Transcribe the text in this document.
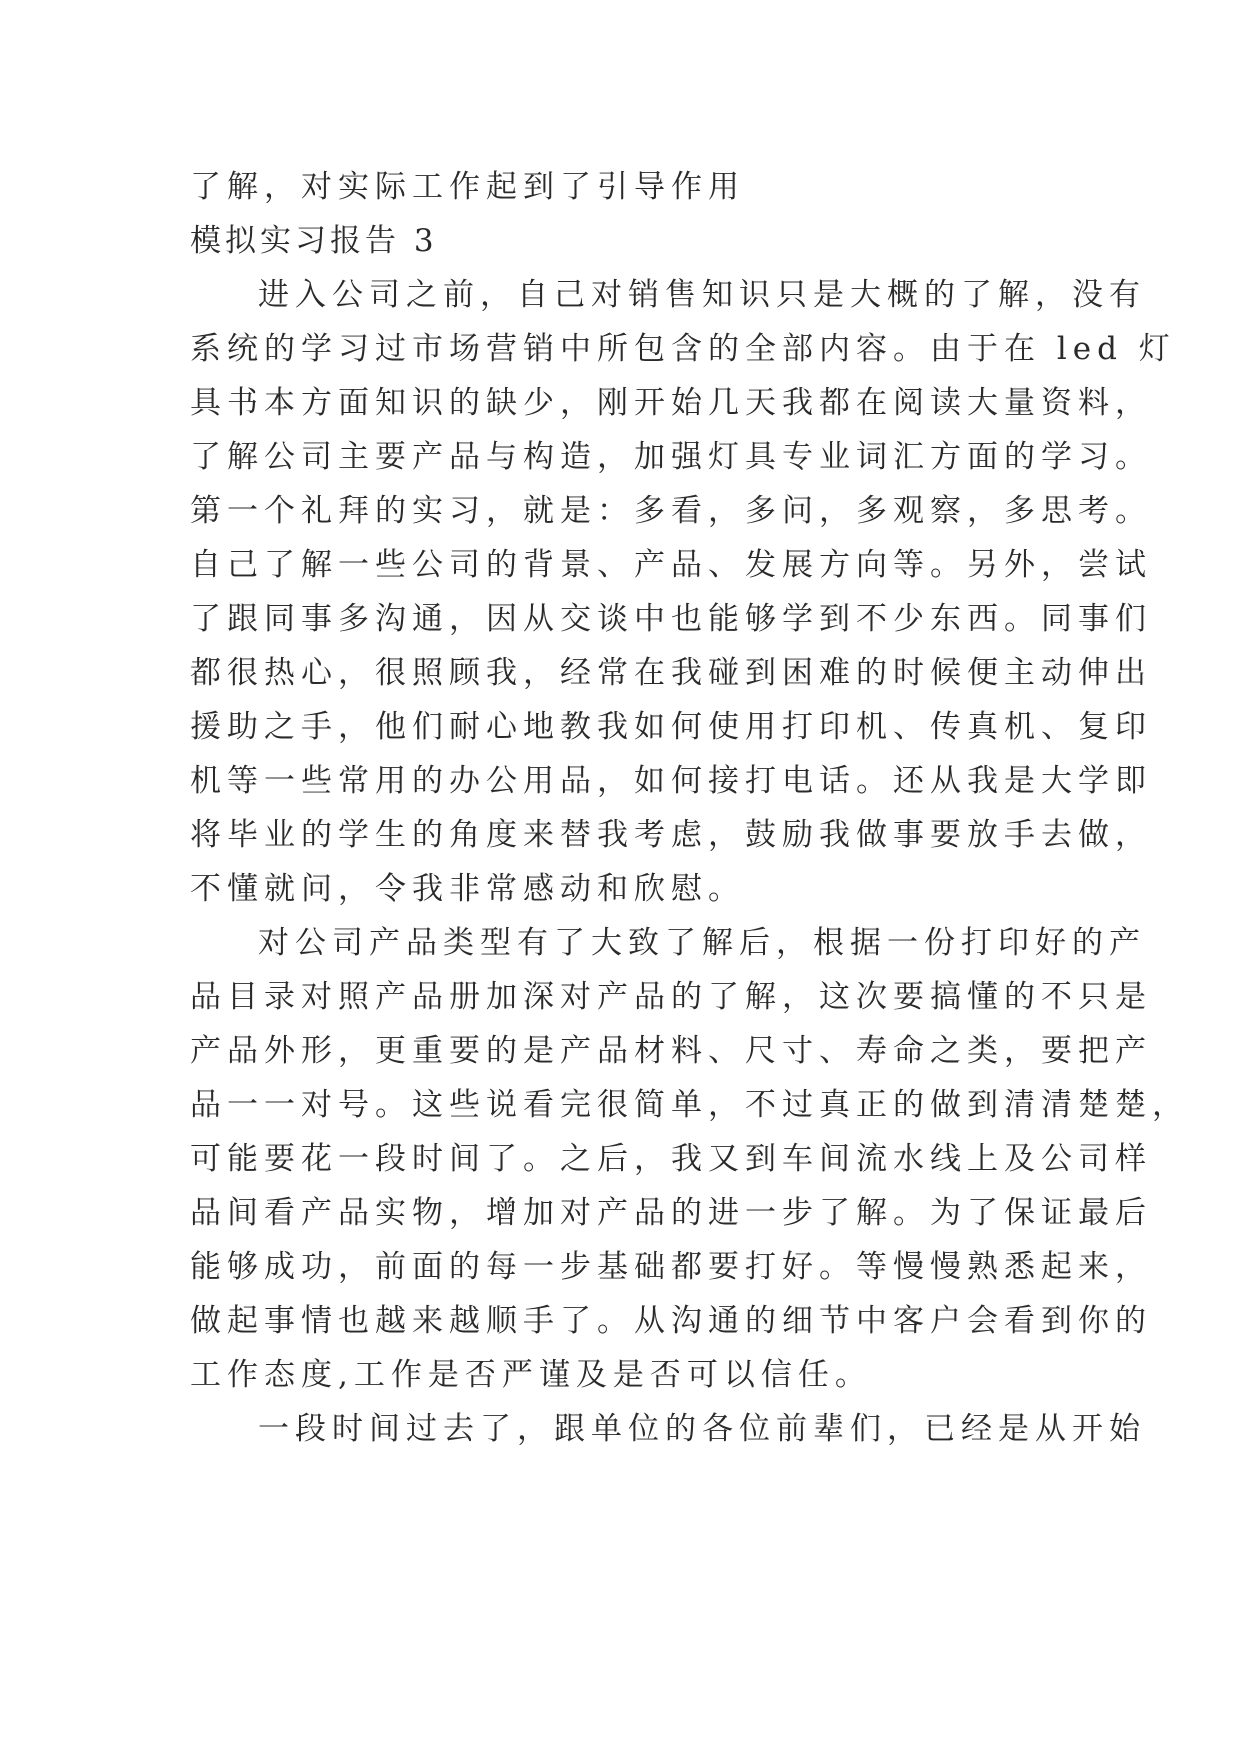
了解，对实际工作起到了引导作用
模拟实习报告 3
进入公司之前，自己对销售知识只是大概的了解，没有
系统的学习过市场营销中所包含的全部内容。由于在 led 灯
具书本方面知识的缺少，刚开始几天我都在阅读大量资料，
了解公司主要产品与构造，加强灯具专业词汇方面的学习。
第一个礼拜的实习，就是：多看，多问，多观察，多思考。
自己了解一些公司的背景、产品、发展方向等。另外，尝试
了跟同事多沟通，因从交谈中也能够学到不少东西。同事们
都很热心，很照顾我，经常在我碰到困难的时候便主动伸出
援助之手，他们耐心地教我如何使用打印机、传真机、复印
机等一些常用的办公用品，如何接打电话。还从我是大学即
将毕业的学生的角度来替我考虑，鼓励我做事要放手去做，
不懂就问，令我非常感动和欣慰。
对公司产品类型有了大致了解后，根据一份打印好的产
品目录对照产品册加深对产品的了解，这次要搞懂的不只是
产品外形，更重要的是产品材料、尺寸、寿命之类，要把产
品一一对号。这些说看完很简单，不过真正的做到清清楚楚，
可能要花一段时间了。之后，我又到车间流水线上及公司样
品间看产品实物，增加对产品的进一步了解。为了保证最后
能够成功，前面的每一步基础都要打好。等慢慢熟悉起来，
做起事情也越来越顺手了。从沟通的细节中客户会看到你的
工作态度,工作是否严谨及是否可以信任。
一段时间过去了，跟单位的各位前辈们，已经是从开始
